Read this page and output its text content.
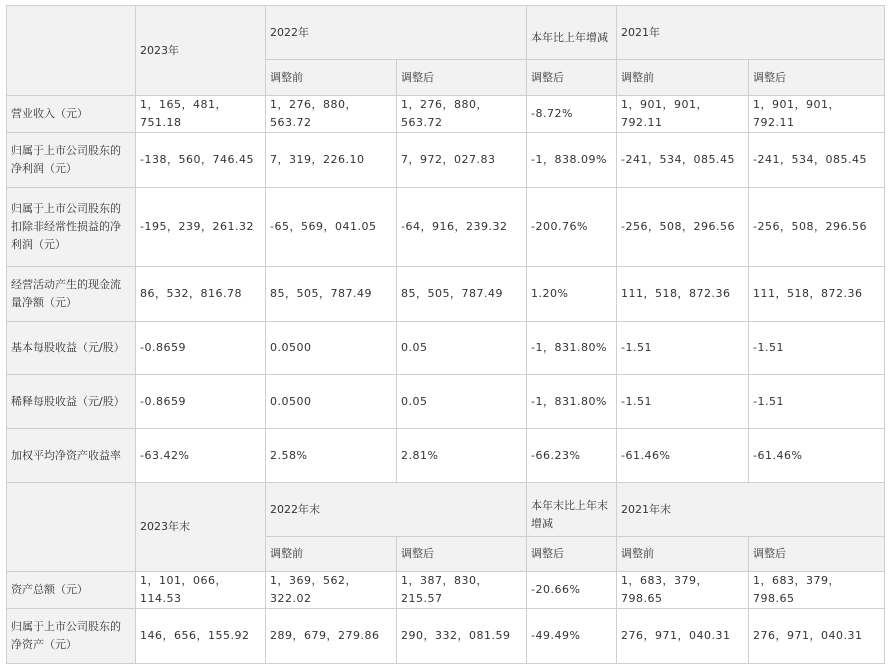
	2023年	2022年		本年比上年增减	2021年	
		调整前	调整后	调整后	调整前	调整后
营业收入（元）	1，165，481，751.18	1，276，880，563.72	1，276，880，563.72	-8.72%	1，901，901，792.11	1，901，901，792.11
归属于上市公司股东的净利润（元）	-138，560，746.45	7，319，226.10	7，972，027.83	-1，838.09%	-241，534，085.45	-241，534，085.45
归属于上市公司股东的扣除非经常性损益的净利润（元）	-195，239，261.32	-65，569，041.05	-64，916，239.32	-200.76%	-256，508，296.56	-256，508，296.56
经营活动产生的现金流量净额（元）	86，532，816.78	85，505，787.49	85，505，787.49	1.20%	111，518，872.36	111，518，872.36
基本每股收益（元/股）	-0.8659	0.0500	0.05	-1，831.80%	-1.51	-1.51
稀释每股收益（元/股）	-0.8659	0.0500	0.05	-1，831.80%	-1.51	-1.51
加权平均净资产收益率	-63.42%	2.58%	2.81%	-66.23%	-61.46%	-61.46%
	2023年末	2022年末		本年末比上年末增减	2021年末	
		调整前	调整后	调整后	调整前	调整后
资产总额（元）	1，101，066，114.53	1，369，562，322.02	1，387，830，215.57	-20.66%	1，683，379，798.65	1，683，379，798.65
归属于上市公司股东的净资产（元）	146，656，155.92	289，679，279.86	290，332，081.59	-49.49%	276，971，040.31	276，971，040.31
